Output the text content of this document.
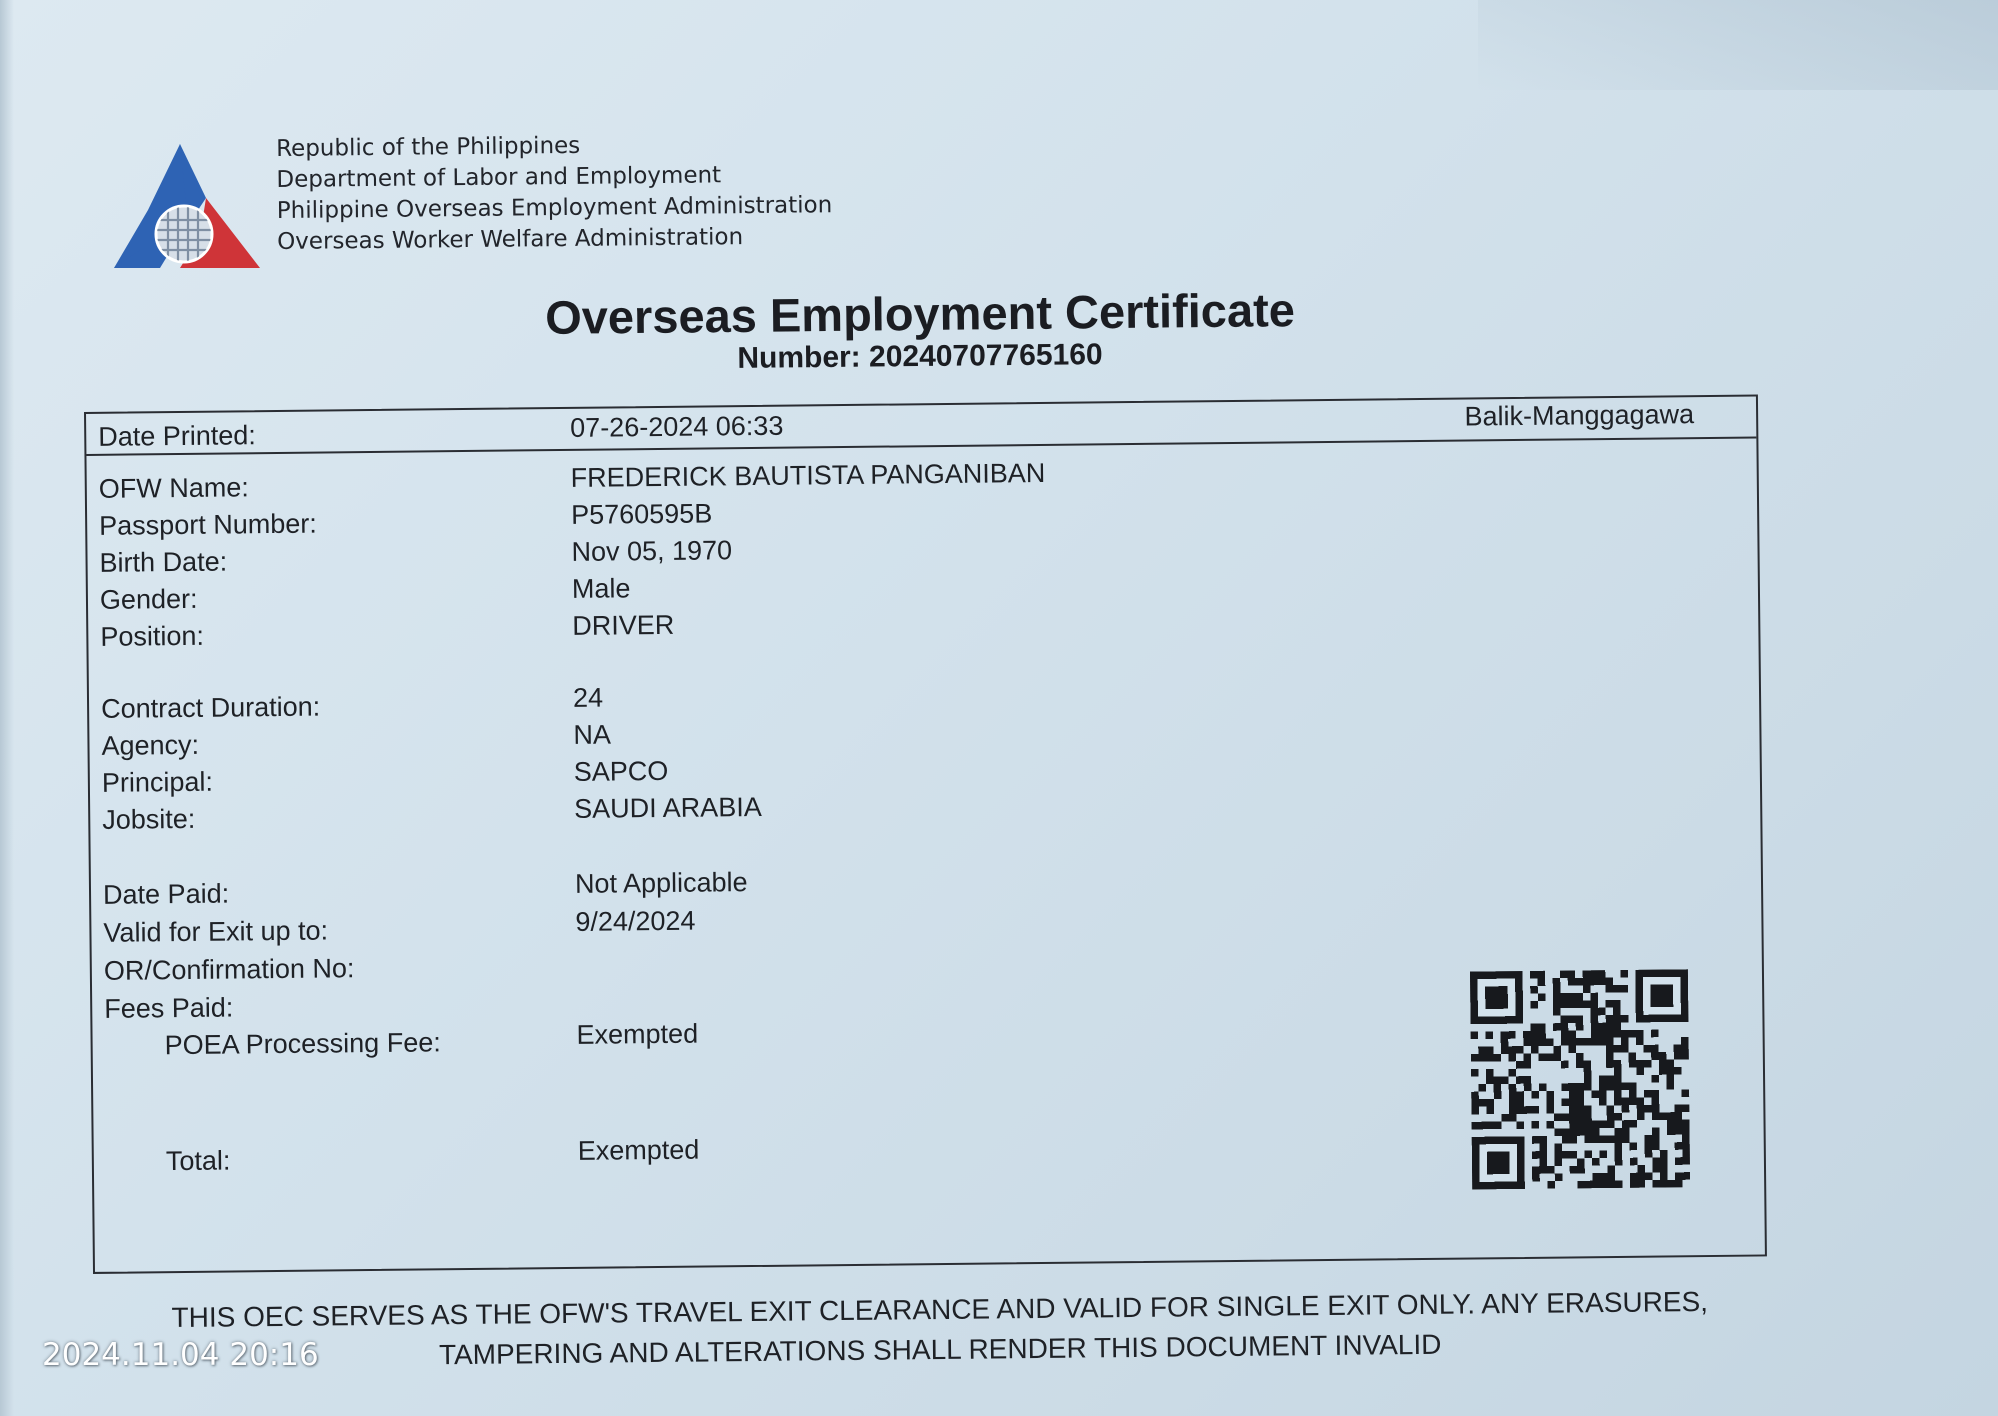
Republic of the Philippines
Department of Labor and Employment
Philippine Overseas Employment Administration
Overseas Worker Welfare Administration
Overseas Employment Certificate
Number: 20240707765160
Date Printed:	07-26-2024 06:33	Balik-Manggagawa
OFW Name:	FREDERICK BAUTISTA PANGANIBAN
Passport Number:	P5760595B
Birth Date:	Nov 05, 1970
Gender:	Male
Position:	DRIVER
Contract Duration:	24
Agency:	NA
Principal:	SAPCO
Jobsite:	SAUDI ARABIA
Date Paid:	Not Applicable
Valid for Exit up to:	9/24/2024
OR/Confirmation No:
Fees Paid:
POEA Processing Fee:	Exempted
Total:	Exempted
THIS OEC SERVES AS THE OFW'S TRAVEL EXIT CLEARANCE AND VALID FOR SINGLE EXIT ONLY. ANY ERASURES,
TAMPERING AND ALTERATIONS SHALL RENDER THIS DOCUMENT INVALID
2024.11.04 20:16
